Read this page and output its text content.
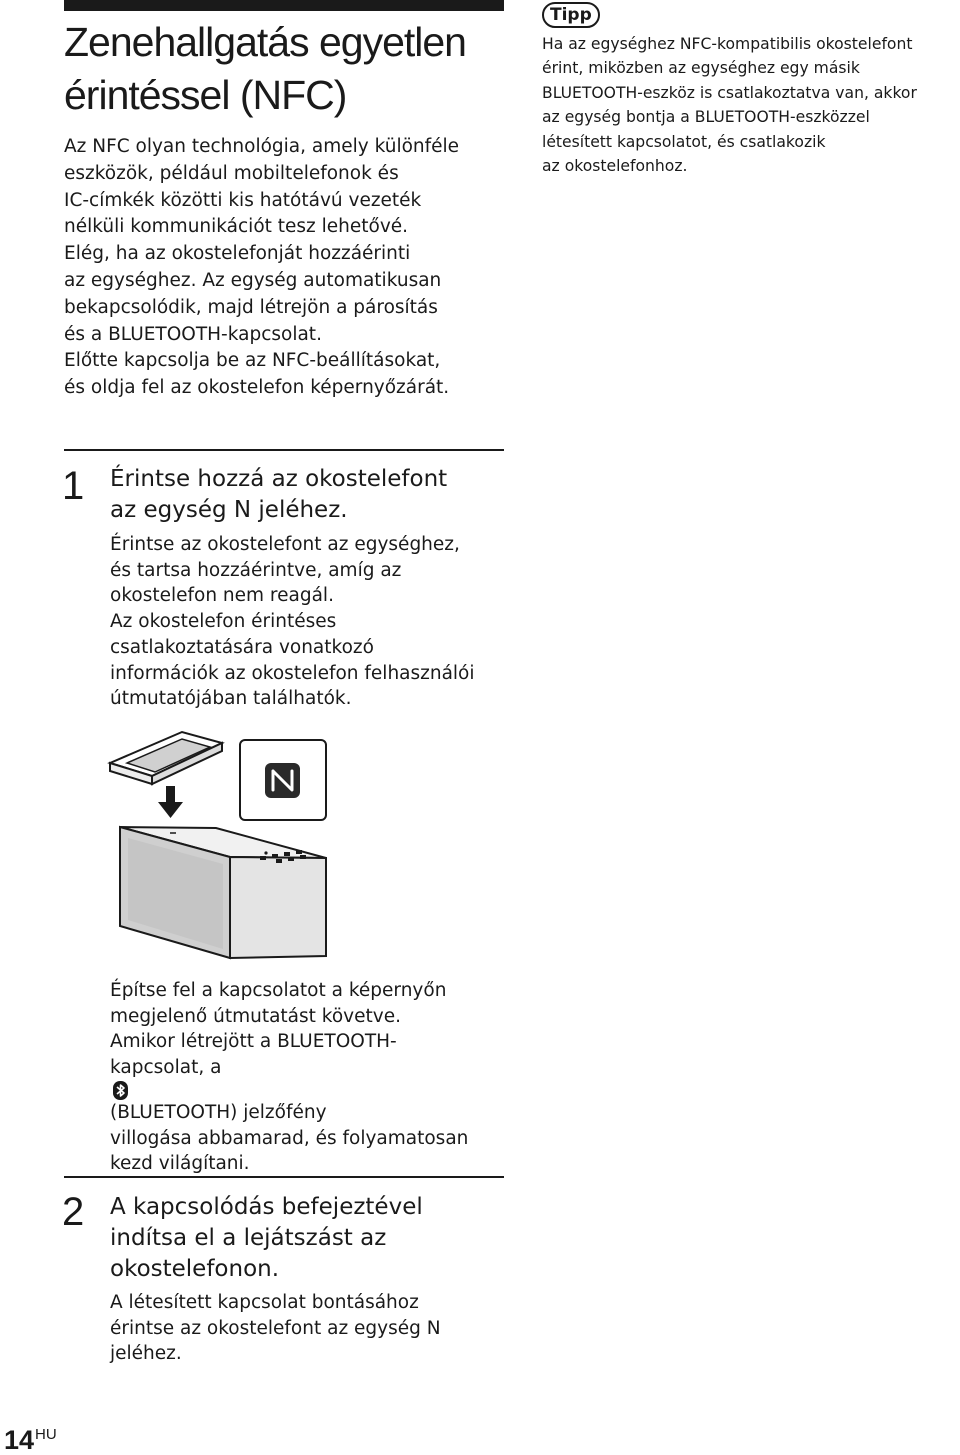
Zenehallgatás egyetlen
érintéssel (NFC)

Az NFC olyan technológia, amely különféle
eszközök, például mobiltelefonok és
IC-címkék közötti kis hatótávú vezeték
nélküli kommunikációt tesz lehetővé.
Elég, ha az okostelefonját hozzáérinti
az egységhez. Az egység automatikusan
bekapcsolódik, majd létrejön a párosítás
és a BLUETOOTH-kapcsolat.
Előtte kapcsolja be az NFC-beállításokat,
és oldja fel az okostelefon képernyőzárát.

Tipp

Ha az egységhez NFC-kompatibilis okostelefont
érint, miközben az egységhez egy másik
BLUETOOTH-eszköz is csatlakoztatva van, akkor
az egység bontja a BLUETOOTH-eszközzel
létesített kapcsolatot, és csatlakozik
az okostelefonhoz.

1 Érintse hozzá az okostelefont
az egység N jeléhez.

Érintse az okostelefont az egységhez,
és tartsa hozzáérintve, amíg az
okostelefon nem reagál.
Az okostelefon érintéses
csatlakoztatására vonatkozó
információk az okostelefon felhasználói
útmutatójában találhatók.

Építse fel a kapcsolatot a képernyőn
megjelenő útmutatást követve.
Amikor létrejött a BLUETOOTH-
kapcsolat, a
(BLUETOOTH) jelzőfény
villogása abbamarad, és folyamatosan
kezd világítani.

2 A kapcsolódás befejeztével
indítsa el a lejátszást az
okostelefonon.

A létesített kapcsolat bontásához
érintse az okostelefont az egység N
jeléhez.

$14^{HU}$
